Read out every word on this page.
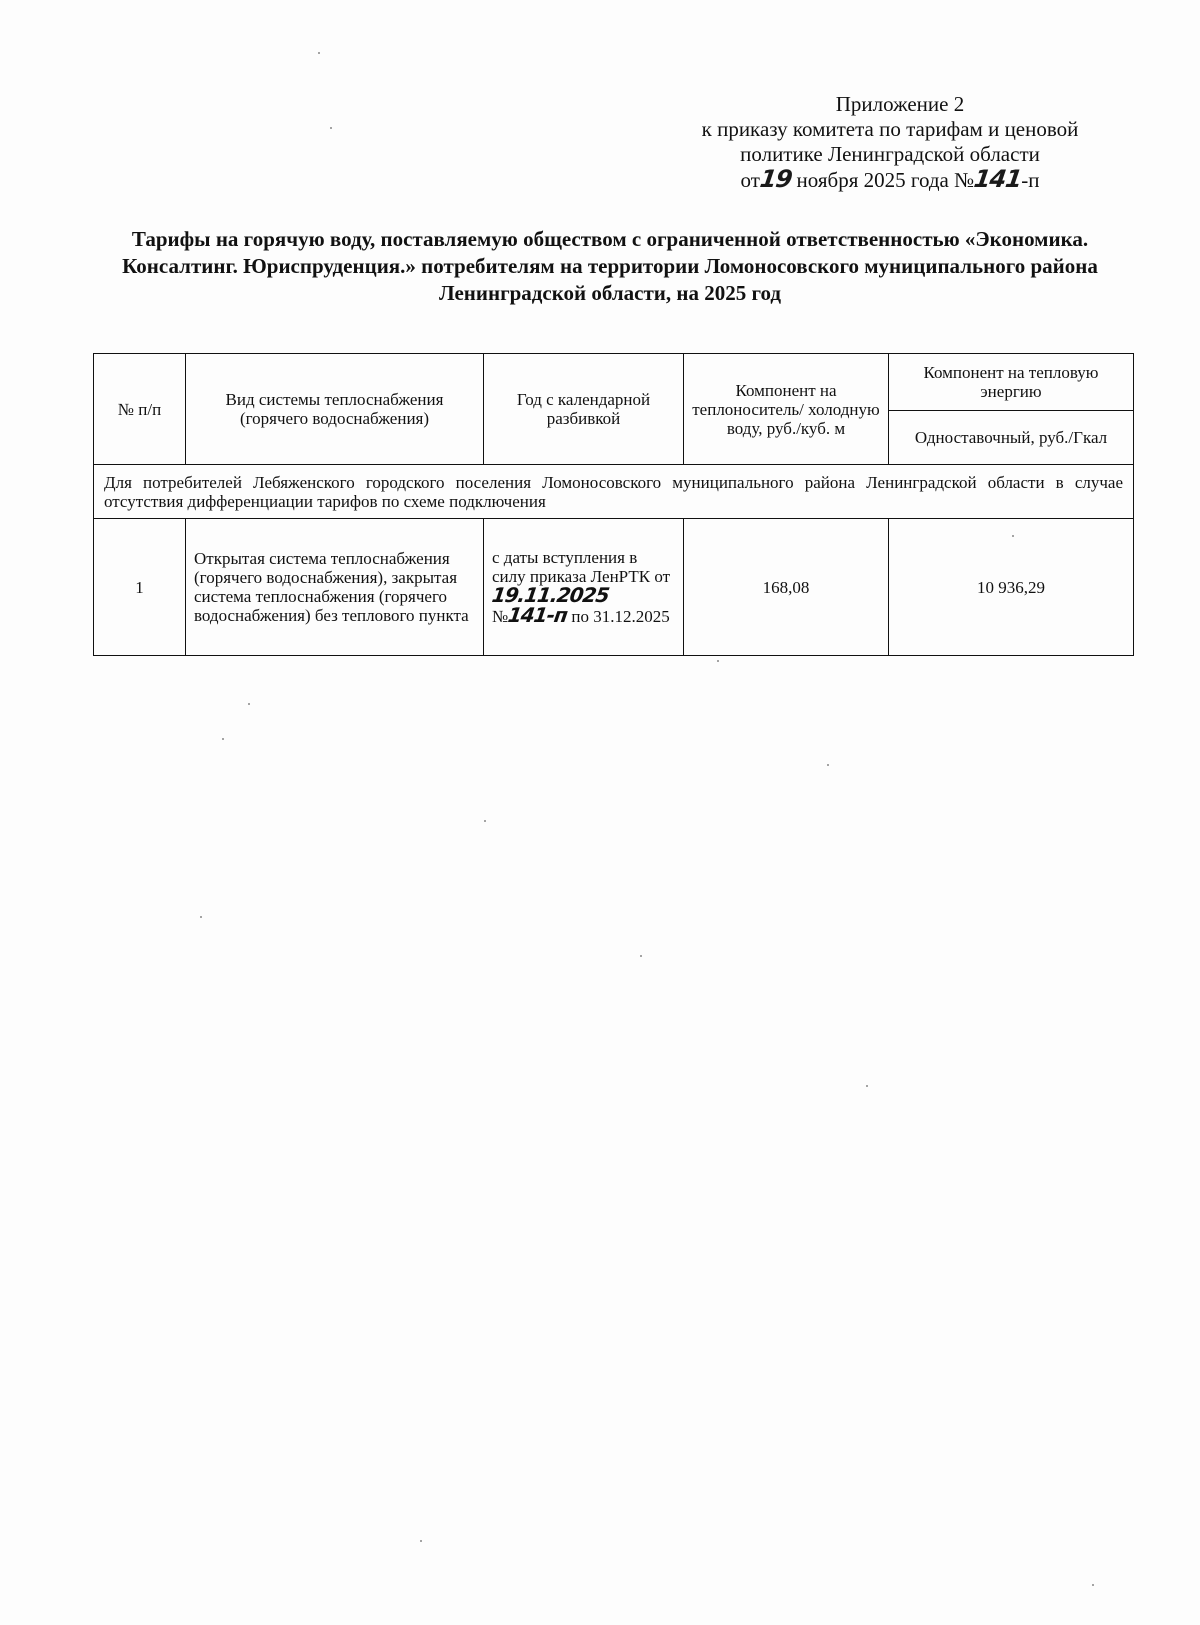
Приложение 2
к приказу комитета по тарифам и ценовой
политике Ленинградской области
от19 ноября 2025 года №141-п
Тарифы на горячую воду, поставляемую обществом с ограниченной ответственностью «Экономика. Консалтинг. Юриспруденция.» потребителям на территории Ломоносовского муниципального района Ленинградской области, на 2025 год
№ п/п	Вид системы теплоснабжения (горячего водоснабжения)	Год с календарной разбивкой	Компонент на теплоноситель/ холодную воду, руб./куб. м	Компонент на тепловую энергию
				Одноставочный, руб./Гкал
Для потребителей Лебяженского городского поселения Ломоносовского муниципального района Ленинградской области в случае отсутствия дифференциации тарифов по схеме подключения				
1	Открытая система теплоснабжения (горячего водоснабжения), закрытая система теплоснабжения (горячего водоснабжения) без теплового пункта	с даты вступления в силу приказа ЛенРТК от19.11.2025
№141-п по 31.12.2025	168,08	10 936,29
